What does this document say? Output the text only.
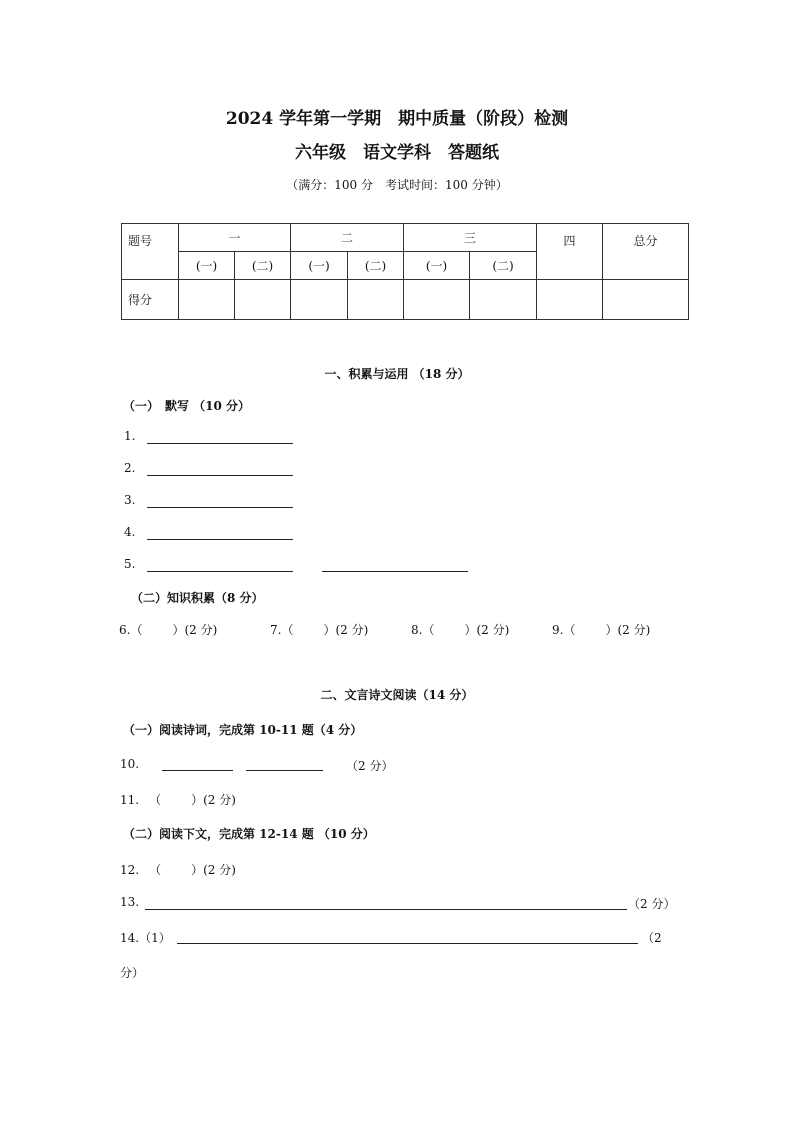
2024 学年第一学期　期中质量（阶段）检测
六年级　语文学科　答题纸
（满分：100 分　考试时间：100 分钟）
题号	一		二		三		四	总分
	(一)	(二)	(一)	(二)	(一)	(二)		
得分								
一、积累与运用 （18 分）
（一）　默写 （10 分）
1.
2.
3.
4.
5.
（二）知识积累（8 分）
6.（	）(2 分)	7.（	）(2 分)	8.（	）(2 分)	9.（	）(2 分)
二、文言诗文阅读（14 分）
（一）阅读诗词，完成第 10-11 题（4 分）
10.	（2 分）
11. （	）(2 分)
（二）阅读下文，完成第 12-14 题 （10 分）
12. （	）(2 分)
13.	（2 分）
14.（1）	（2
分）
